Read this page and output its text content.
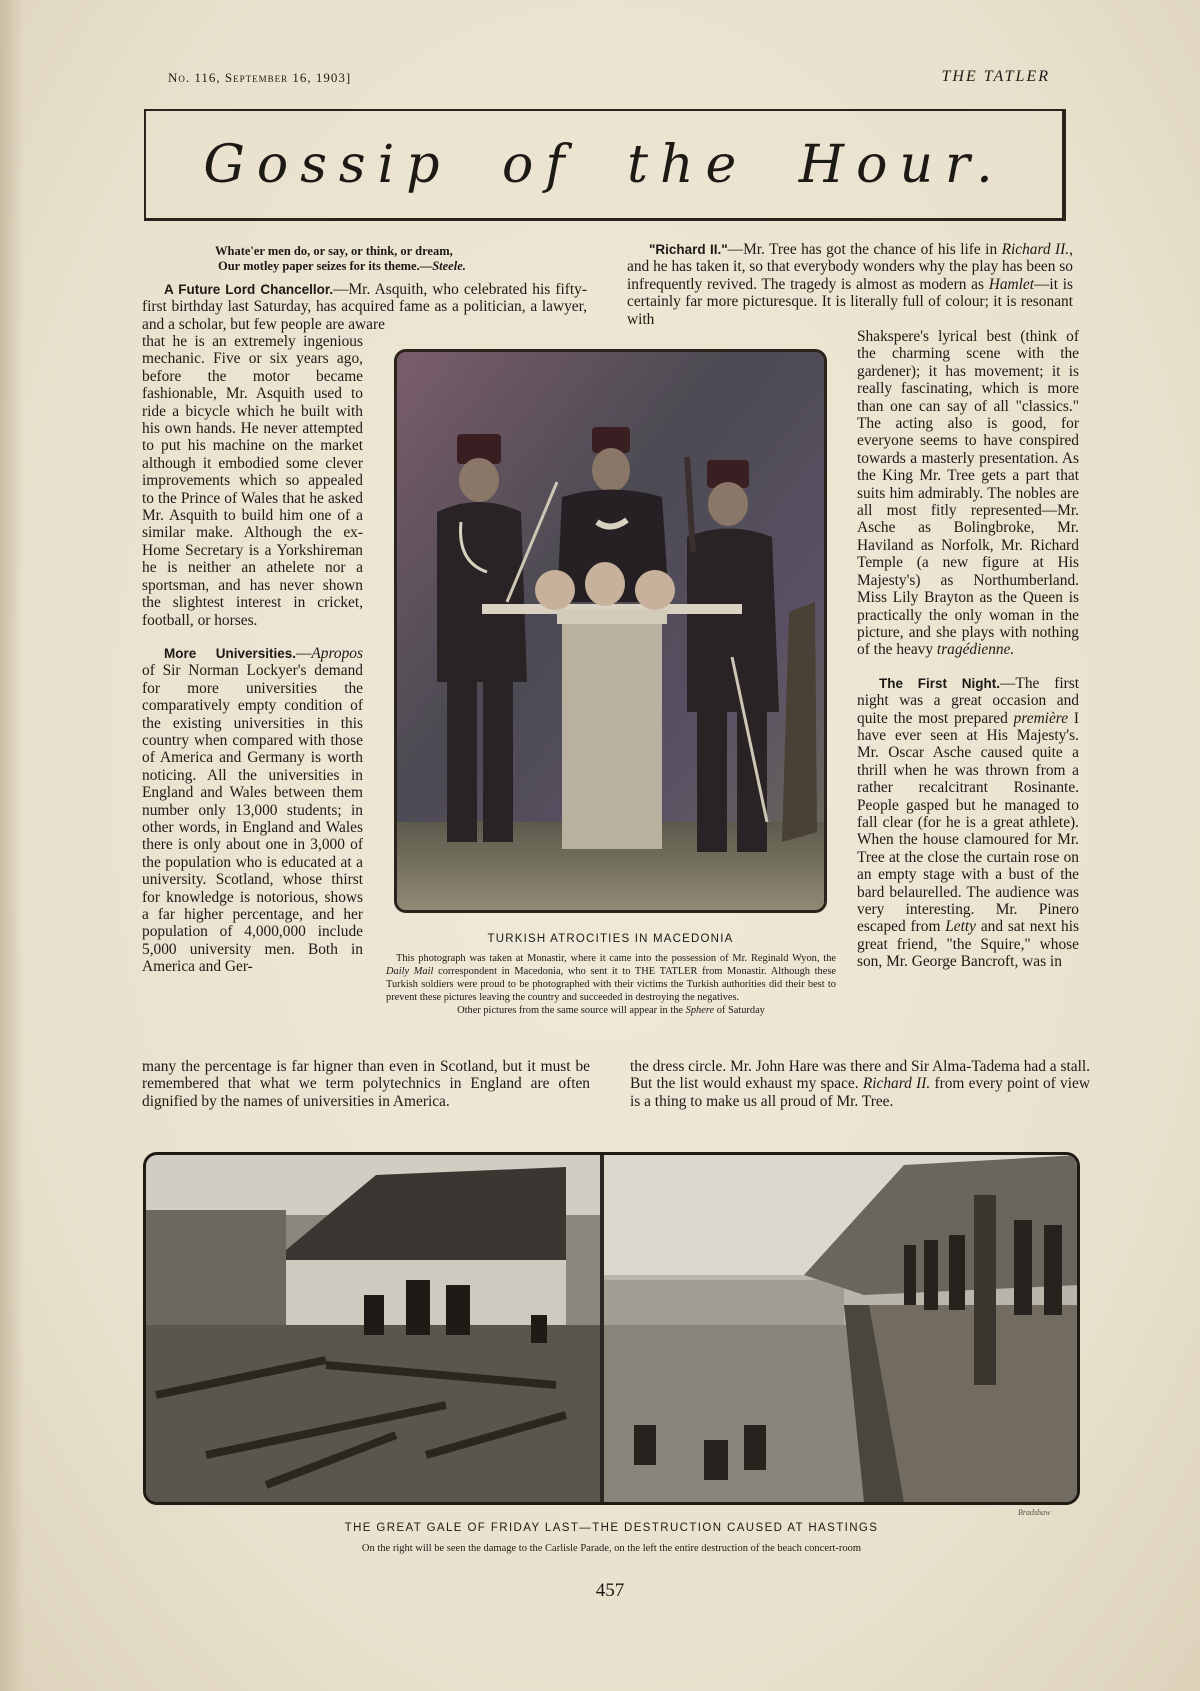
No. 116, September 16, 1903]	THE TATLER
Gossip of the Hour.
Whate'er men do, or say, or think, or dream,
Our motley paper seizes for its theme.—Steele.

A Future Lord Chancellor.—Mr. Asquith, who celebrated his fifty-first birthday last Saturday, has acquired fame as a politician, a lawyer, and a scholar, but few people are aware

that he is an extremely ingenious mechanic. Five or six years ago, before the motor became fashionable, Mr. Asquith used to ride a bicycle which he built with his own hands. He never attempted to put his machine on the market although it embodied some clever improvements which so appealed to the Prince of Wales that he asked Mr. Asquith to build him one of a similar make. Although the ex-Home Secretary is a Yorkshireman he is neither an athelete nor a sportsman, and has never shown the slightest interest in cricket, football, or horses.

More Universities.—Apropos of Sir Norman Lockyer's demand for more universities the comparatively empty condition of the existing universities in this country when compared with those of America and Germany is worth noticing. All the universities in England and Wales between them number only 13,000 students; in other words, in England and Wales there is only about one in 3,000 of the population who is educated at a university. Scotland, whose thirst for knowledge is notorious, shows a far higher percentage, and her population of 4,000,000 include 5,000 university men. Both in America and Ger-

many the percentage is far higner than even in Scotland, but it must be remembered that what we term polytechnics in England are often dignified by the names of universities in America.

"Richard II."—Mr. Tree has got the chance of his life in Richard II., and he has taken it, so that everybody wonders why the play has been so infrequently revived. The tragedy is almost as modern as Hamlet—it is certainly far more picturesque. It is literally full of colour; it is resonant with

Shakspere's lyrical best (think of the charming scene with the gardener); it has movement; it is really fascinating, which is more than one can say of all "classics." The acting also is good, for everyone seems to have conspired towards a masterly presentation. As the King Mr. Tree gets a part that suits him admirably. The nobles are all most fitly represented—Mr. Asche as Bolingbroke, Mr. Haviland as Norfolk, Mr. Richard Temple (a new figure at His Majesty's) as Northumberland. Miss Lily Brayton as the Queen is practically the only woman in the picture, and she plays with nothing of the heavy tragédienne.

The First Night.—The first night was a great occasion and quite the most prepared première I have ever seen at His Majesty's. Mr. Oscar Asche caused quite a thrill when he was thrown from a rather recalcitrant Rosinante. People gasped but he managed to fall clear (for he is a great athlete). When the house clamoured for Mr. Tree at the close the curtain rose on an empty stage with a bust of the bard belaurelled. The audience was very interesting. Mr. Pinero escaped from Letty and sat next his great friend, "the Squire," whose son, Mr. George Bancroft, was in

the dress circle. Mr. John Hare was there and Sir Alma-Tadema had a stall. But the list would exhaust my space. Richard II. from every point of view is a thing to make us all proud of Mr. Tree.

TURKISH ATROCITIES IN MACEDONIA
This photograph was taken at Monastir, where it came into the possession of Mr. Reginald Wyon, the Daily Mail correspondent in Macedonia, who sent it to THE TATLER from Monastir. Although these Turkish soldiers were proud to be photographed with their victims the Turkish authorities did their best to prevent these pictures leaving the country and succeeded in destroying the negatives.
Other pictures from the same source will appear in the Sphere of Saturday
Bradshaw
THE GREAT GALE OF FRIDAY LAST—THE DESTRUCTION CAUSED AT HASTINGS
On the right will be seen the damage to the Carlisle Parade, on the left the entire destruction of the beach concert-room
457
